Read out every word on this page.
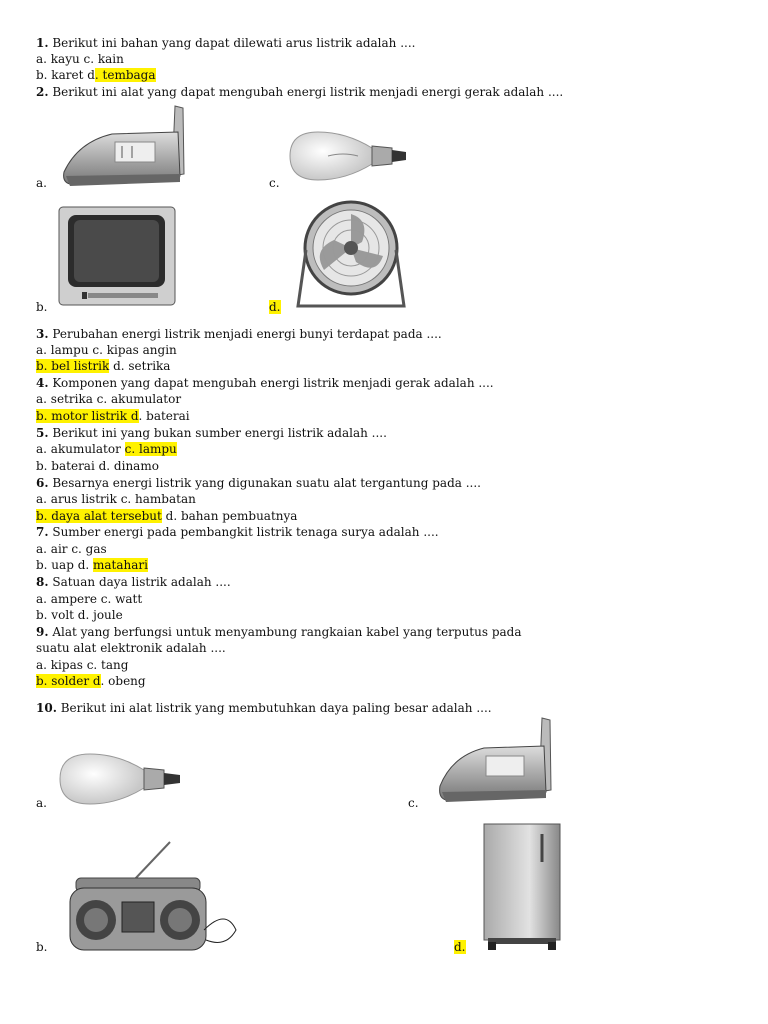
1. Berikut ini bahan yang dapat dilewati arus listrik adalah ....
a. kayu c. kain
b. karet d. tembaga
2. Berikut ini alat yang dapat mengubah energi listrik menjadi energi gerak adalah ....
a.	c.
b.	d.
3. Perubahan energi listrik menjadi energi bunyi terdapat pada ....
a. lampu c. kipas angin
b. bel listrik d. setrika
4. Komponen yang dapat mengubah energi listrik menjadi gerak adalah ....
a. setrika c. akumulator
b. motor listrik d. baterai
5. Berikut ini yang bukan sumber energi listrik adalah ....
a. akumulator c. lampu
b. baterai d. dinamo
6. Besarnya energi listrik yang digunakan suatu alat tergantung pada ....
a. arus listrik c. hambatan
b. daya alat tersebut d. bahan pembuatnya
7. Sumber energi pada pembangkit listrik tenaga surya adalah ....
a. air c. gas
b. uap d. matahari
8. Satuan daya listrik adalah ....
a. ampere c. watt
b. volt d. joule
9. Alat yang berfungsi untuk menyambung rangkaian kabel yang terputus pada
suatu alat elektronik adalah ....
a. kipas c. tang
b. solder d. obeng
10. Berikut ini alat listrik yang membutuhkan daya paling besar adalah ....
a.	c.
b.	d.
